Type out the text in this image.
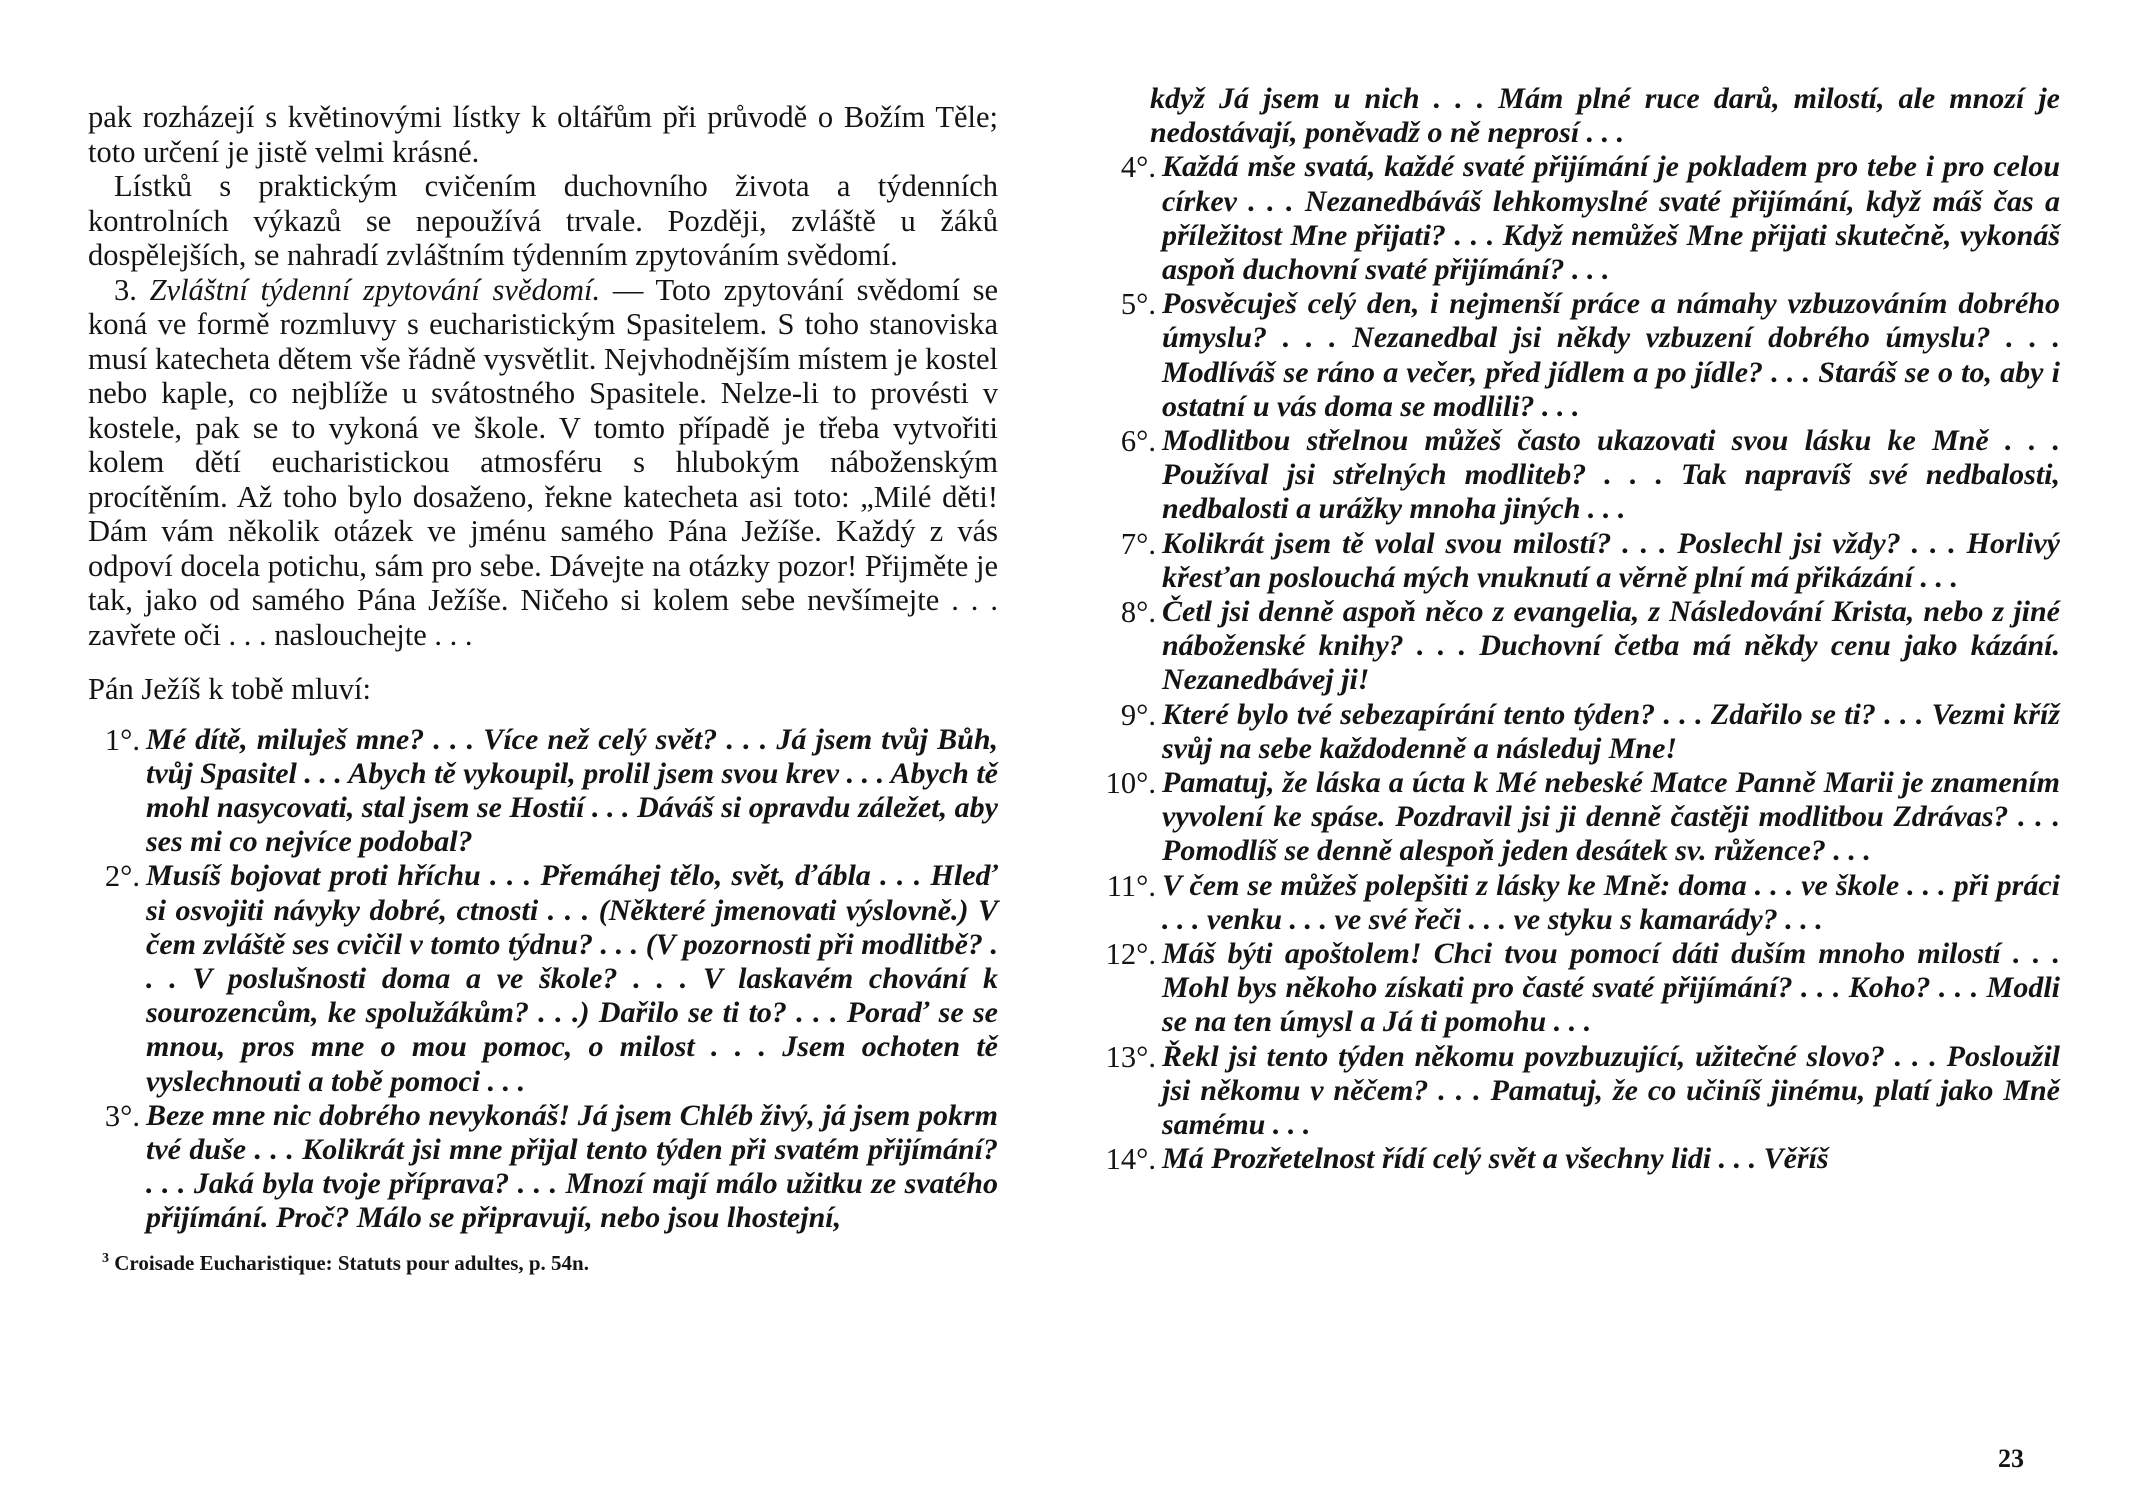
pak rozházejí s květinovými lístky k oltářům při průvodě o Božím Těle; toto určení je jistě velmi krásné.

Lístků s praktickým cvičením duchovního života a týdenních kontrolních výkazů se nepoužívá trvale. Později, zvláště u žáků dospělejších, se nahradí zvláštním týdenním zpytováním svědomí.

3. Zvláštní týdenní zpytování svědomí. — Toto zpytování svědomí se koná ve formě rozmluvy s eucharistickým Spasitelem. S toho stanoviska musí katecheta dětem vše řádně vysvětlit. Nejvhodnějším místem je kostel nebo kaple, co nejblíže u svátostného Spasitele. Nelze-li to provésti v kostele, pak se to vykoná ve škole. V tomto případě je třeba vytvořiti kolem dětí eucharistickou atmosféru s hlubokým náboženským procítěním. Až toho bylo dosaženo, řekne katecheta asi toto: „Milé děti! Dám vám několik otázek ve jménu samého Pána Ježíše. Každý z vás odpoví docela potichu, sám pro sebe. Dávejte na otázky pozor! Přijměte je tak, jako od samého Pána Ježíše. Ničeho si kolem sebe nevšímejte . . . zavřete oči . . . naslouchejte . . .

Pán Ježíš k tobě mluví:

1°. Mé dítě, miluješ mne? . . . Více než celý svět? . . . Já jsem tvůj Bůh, tvůj Spasitel . . . Abych tě vykoupil, prolil jsem svou krev . . . Abych tě mohl nasycovati, stal jsem se Hostií . . . Dáváš si opravdu záležet, aby ses mi co nejvíce podobal?
2°. Musíš bojovat proti hříchu . . . Přemáhej tělo, svět, ďábla . . . Hleď si osvojiti návyky dobré, ctnosti . . . (Některé jmenovati výslovně.) V čem zvláště ses cvičil v tomto týdnu? . . . (V pozornosti při modlitbě? . . . V poslušnosti doma a ve škole? . . . V laskavém chování k sourozencům, ke spolužákům? . . .) Dařilo se ti to? . . . Poraď se se mnou, pros mne o mou pomoc, o milost . . . Jsem ochoten tě vyslechnouti a tobě pomoci . . .
3°. Beze mne nic dobrého nevykonáš! Já jsem Chléb živý, já jsem pokrm tvé duše . . . Kolikrát jsi mne přijal tento týden při svatém přijímání? . . . Jaká byla tvoje příprava? . . . Mnozí mají málo užitku ze svatého přijímání. Proč? Málo se připravují, nebo jsou lhostejní,
$^3$ Croisade Eucharistique: Statuts pour adultes, p. 54n.

když Já jsem u nich . . . Mám plné ruce darů, milostí, ale mnozí je nedostávají, poněvadž o ně neprosí . . .

4°. Každá mše svatá, každé svaté přijímání je pokladem pro tebe i pro celou církev . . . Nezanedbáváš lehkomyslné svaté přijímání, když máš čas a příležitost Mne přijati? . . . Když nemůžeš Mne přijati skutečně, vykonáš aspoň duchovní svaté přijímání? . . .
5°. Posvěcuješ celý den, i nejmenší práce a námahy vzbuzováním dobrého úmyslu? . . . Nezanedbal jsi někdy vzbuzení dobrého úmyslu? . . . Modlíváš se ráno a večer, před jídlem a po jídle? . . . Staráš se o to, aby i ostatní u vás doma se modlili? . . .
6°. Modlitbou střelnou můžeš často ukazovati svou lásku ke Mně . . . Používal jsi střelných modliteb? . . . Tak napravíš své nedbalosti, nedbalosti a urážky mnoha jiných . . .
7°. Kolikrát jsem tě volal svou milostí? . . . Poslechl jsi vždy? . . . Horlivý křesťan poslouchá mých vnuknutí a věrně plní má přikázání . . .
8°. Četl jsi denně aspoň něco z evangelia, z Následování Krista, nebo z jiné náboženské knihy? . . . Duchovní četba má někdy cenu jako kázání. Nezanedbávej ji!
9°. Které bylo tvé sebezapírání tento týden? . . . Zdařilo se ti? . . . Vezmi kříž svůj na sebe každodenně a následuj Mne!
10°. Pamatuj, že láska a úcta k Mé nebeské Matce Panně Marii je znamením vyvolení ke spáse. Pozdravil jsi ji denně častěji modlitbou Zdrávas? . . . Pomodlíš se denně alespoň jeden desátek sv. růžence? . . .
11°. V čem se můžeš polepšiti z lásky ke Mně: doma . . . ve škole . . . při práci . . . venku . . . ve své řeči . . . ve styku s kamarády? . . .
12°. Máš býti apoštolem! Chci tvou pomocí dáti duším mnoho milostí . . . Mohl bys někoho získati pro časté svaté přijímání? . . . Koho? . . . Modli se na ten úmysl a Já ti pomohu . . .
13°. Řekl jsi tento týden někomu povzbuzující, užitečné slovo? . . . Posloužil jsi někomu v něčem? . . . Pamatuj, že co učiníš jinému, platí jako Mně samému . . .
14°. Má Prozřetelnost řídí celý svět a všechny lidi . . . Věříš
23
